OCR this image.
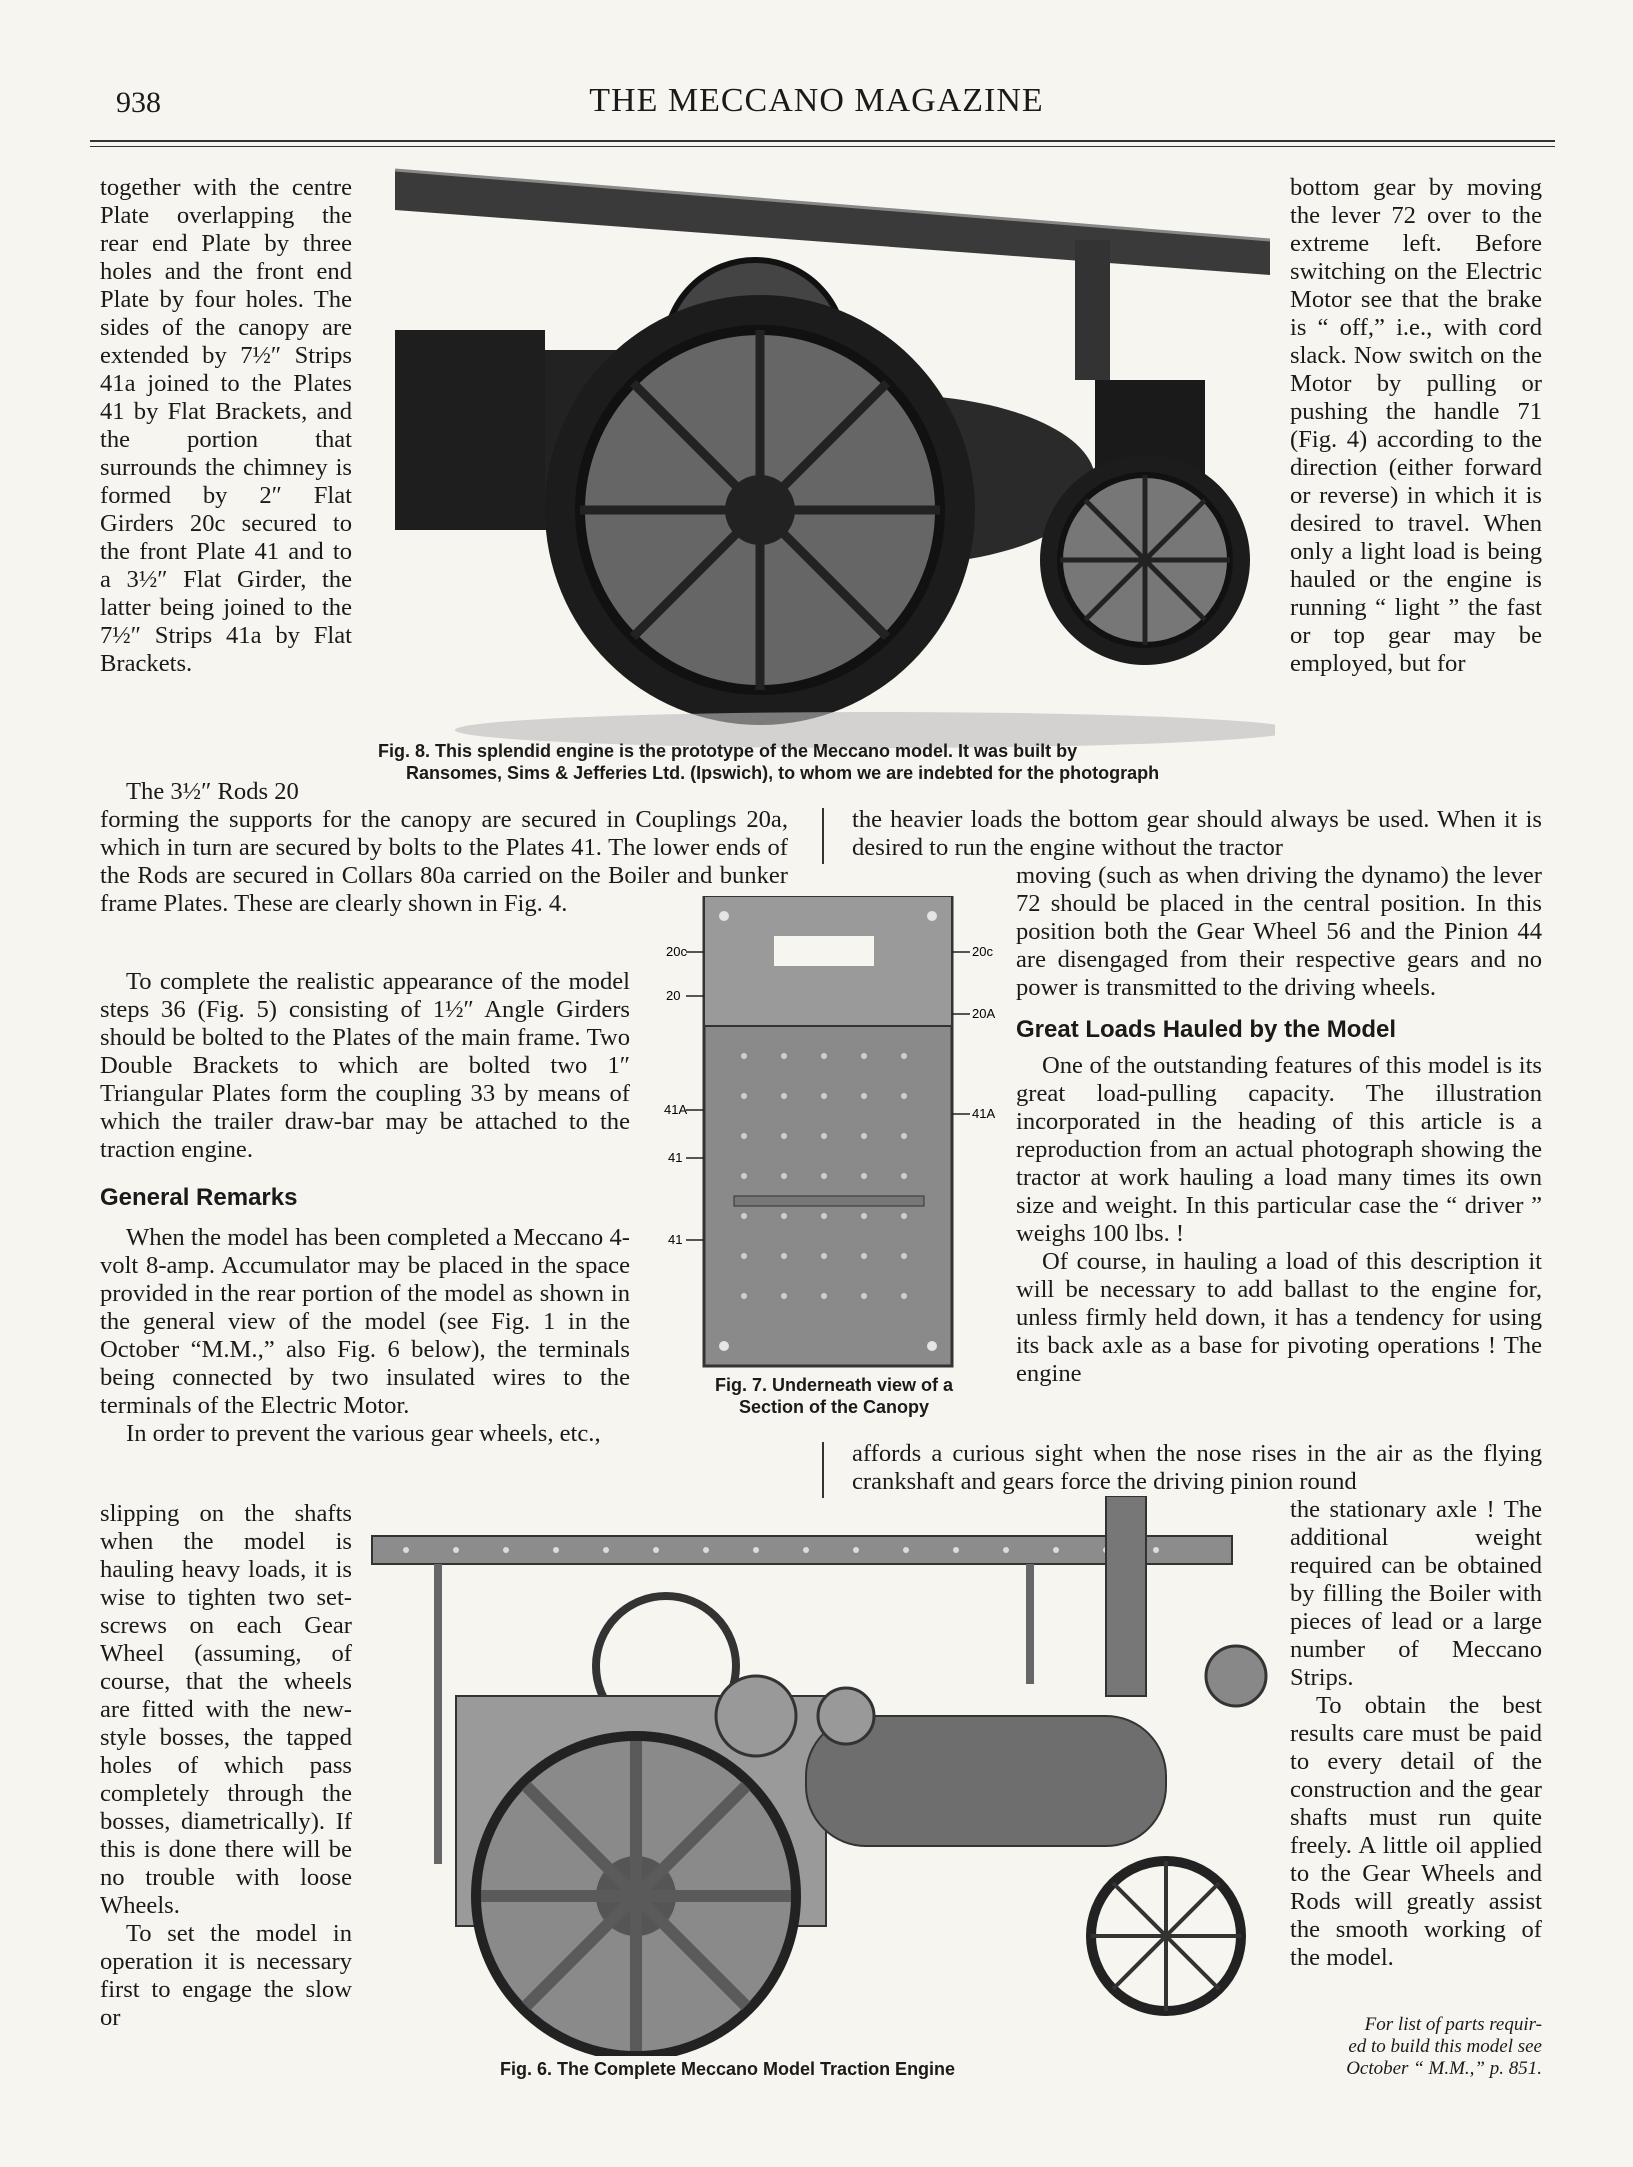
938	THE MECCANO MAGAZINE
Fig. 8. This splendid engine is the prototype of the Meccano model. It was built by
Ransomes, Sims & Jefferies Ltd. (Ipswich), to whom we are indebted for the photograph

together with the centre Plate overlapping the rear end Plate by three holes and the front end Plate by four holes. The sides of the canopy are extended by 7½″ Strips 41a joined to the Plates 41 by Flat Brackets, and the portion that surrounds the chimney is formed by 2″ Flat Girders 20c secured to the front Plate 41 and to a 3½″ Flat Girder, the latter being joined to the 7½″ Strips 41a by Flat Brackets.

bottom gear by moving the lever 72 over to the extreme left. Before switching on the Electric Motor see that the brake is “ off,” i.e., with cord slack. Now switch on the Motor by pulling or pushing the handle 71 (Fig. 4) according to the direction (either forward or reverse) in which it is desired to travel. When only a light load is being hauled or the engine is running “ light ” the fast or top gear may be employed, but for

The 3½″ Rods 20

forming the supports for the canopy are secured in Couplings 20a, which in turn are secured by bolts to the Plates 41. The lower ends of the Rods are secured in Collars 80a carried on the Boiler and bunker frame Plates. These are clearly shown in Fig. 4.

To complete the realistic appearance of the model steps 36 (Fig. 5) consisting of 1½″ Angle Girders should be bolted to the Plates of the main frame. Two Double Brackets to which are bolted two 1″ Triangular Plates form the coupling 33 by means of which the trailer draw-bar may be attached to the traction engine.

General Remarks

When the model has been completed a Meccano 4-volt 8-amp. Accumulator may be placed in the space provided in the rear portion of the model as shown in the general view of the model (see Fig. 1 in the October “M.M.,” also Fig. 6 below), the terminals being connected by two insulated wires to the terminals of the Electric Motor.

In order to prevent the various gear wheels, etc.,

20c
20
41A
41
41
20c
20A
41A
Fig. 7. Underneath view of a
Section of the Canopy

the heavier loads the bottom gear should always be used. When it is desired to run the engine without the tractor

moving (such as when driving the dynamo) the lever 72 should be placed in the central position. In this position both the Gear Wheel 56 and the Pinion 44 are disengaged from their respective gears and no power is transmitted to the driving wheels.

Great Loads Hauled by the Model

One of the outstanding features of this model is its great load-pulling capacity. The illustration incorporated in the heading of this article is a reproduction from an actual photograph showing the tractor at work hauling a load many times its own size and weight. In this particular case the “ driver ” weighs 100 lbs. !

Of course, in hauling a load of this description it will be necessary to add ballast to the engine for, unless firmly held down, it has a tendency for using its back axle as a base for pivoting operations ! The engine

affords a curious sight when the nose rises in the air as the flying crankshaft and gears force the driving pinion round

Fig. 6. The Complete Meccano Model Traction Engine

slipping on the shafts when the model is hauling heavy loads, it is wise to tighten two set-screws on each Gear Wheel (assuming, of course, that the wheels are fitted with the new-style bosses, the tapped holes of which pass completely through the bosses, diametrically). If this is done there will be no trouble with loose Wheels.

To set the model in operation it is necessary first to engage the slow or

the stationary axle ! The additional weight required can be obtained by filling the Boiler with pieces of lead or a large number of Meccano Strips.

To obtain the best results care must be paid to every detail of the construction and the gear shafts must run quite freely. A little oil applied to the Gear Wheels and Rods will greatly assist the smooth working of the model.

For list of parts requir-
ed to build this model see
October “ M.M.,” p. 851.
